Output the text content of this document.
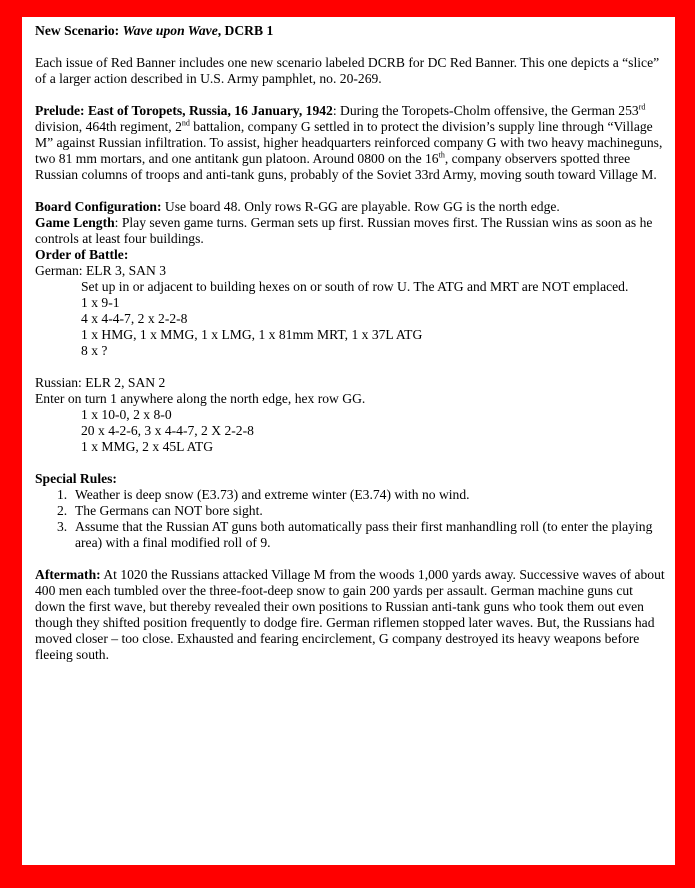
New Scenario: Wave upon Wave, DCRB 1

Each issue of Red Banner includes one new scenario labeled DCRB for DC Red Banner. This one depicts a “slice” of a larger action described in U.S. Army pamphlet, no. 20-269.

Prelude: East of Toropets, Russia, 16 January, 1942: During the Toropets-Cholm offensive, the German 253rd division, 464th regiment, 2nd battalion, company G settled in to protect the division’s supply line through “Village M” against Russian infiltration. To assist, higher headquarters reinforced company G with two heavy machineguns, two 81 mm mortars, and one antitank gun platoon. Around 0800 on the 16th, company observers spotted three Russian columns of troops and anti-tank guns, probably of the Soviet 33rd Army, moving south toward Village M.

Board Configuration: Use board 48. Only rows R-GG are playable. Row GG is the north edge.

Game Length: Play seven game turns. German sets up first. Russian moves first. The Russian wins as soon as he controls at least four buildings.

Order of Battle:

German: ELR 3, SAN 3

Set up in or adjacent to building hexes on or south of row U. The ATG and MRT are NOT emplaced.

1 x 9-1

4 x 4-4-7, 2 x 2-2-8

1 x HMG, 1 x MMG, 1 x LMG, 1 x 81mm MRT, 1 x 37L ATG

8 x ?

Russian: ELR 2, SAN 2

Enter on turn 1 anywhere along the north edge, hex row GG.

1 x 10-0, 2 x 8-0

20 x 4-2-6, 3 x 4-4-7, 2 X 2-2-8

1 x MMG, 2 x 45L ATG

Special Rules:

1. Weather is deep snow (E3.73) and extreme winter (E3.74) with no wind.
2. The Germans can NOT bore sight.
3. Assume that the Russian AT guns both automatically pass their first manhandling roll (to enter the playing area) with a final modified roll of 9.

Aftermath: At 1020 the Russians attacked Village M from the woods 1,000 yards away. Successive waves of about 400 men each tumbled over the three-foot-deep snow to gain 200 yards per assault. German machine guns cut down the first wave, but thereby revealed their own positions to Russian anti-tank guns who took them out even though they shifted position frequently to dodge fire. German riflemen stopped later waves. But, the Russians had moved closer – too close. Exhausted and fearing encirclement, G company destroyed its heavy weapons before fleeing south.
